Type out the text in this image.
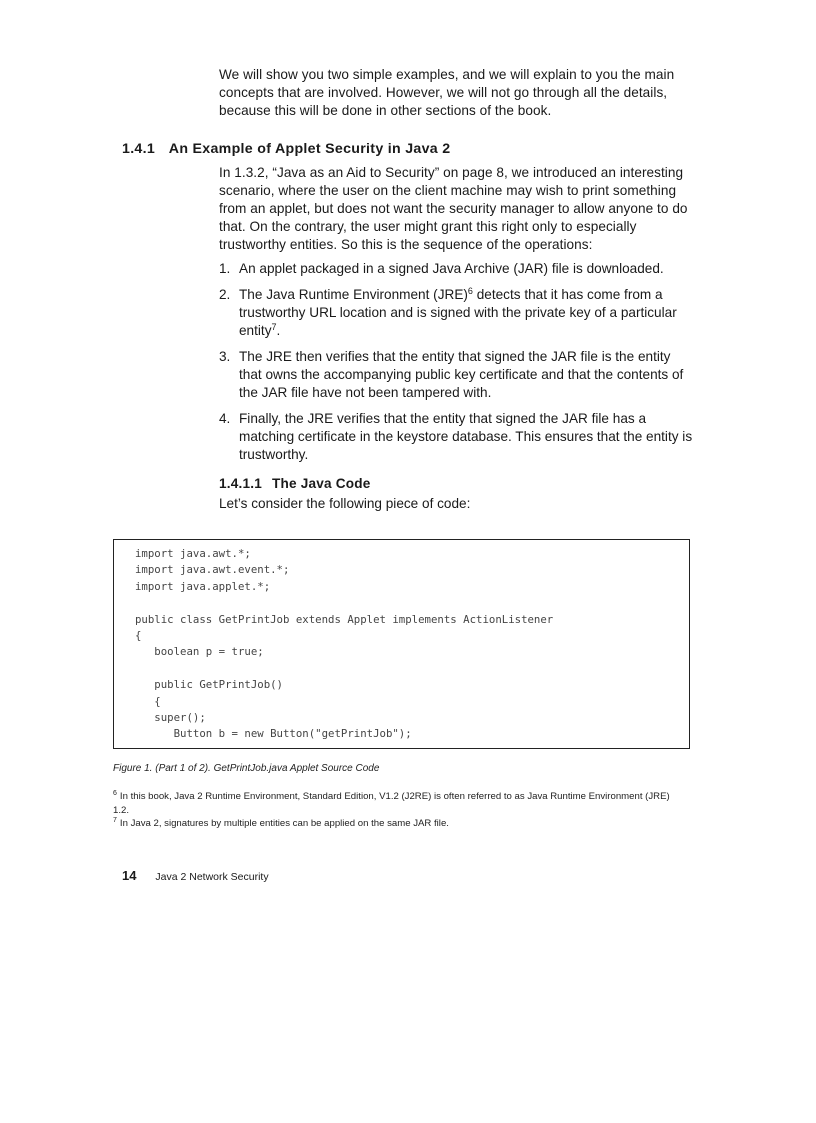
We will show you two simple examples, and we will explain to you the main concepts that are involved. However, we will not go through all the details, because this will be done in other sections of the book.

1.4.1 An Example of Applet Security in Java 2

In 1.3.2, “Java as an Aid to Security” on page 8, we introduced an interesting scenario, where the user on the client machine may wish to print something from an applet, but does not want the security manager to allow anyone to do that. On the contrary, the user might grant this right only to especially trustworthy entities. So this is the sequence of the operations:

1. An applet packaged in a signed Java Archive (JAR) file is downloaded.
2. The Java Runtime Environment (JRE)$^6$ detects that it has come from a trustworthy URL location and is signed with the private key of a particular entity$^7$.
3. The JRE then verifies that the entity that signed the JAR file is the entity that owns the accompanying public key certificate and that the contents of the JAR file have not been tampered with.
4. Finally, the JRE verifies that the entity that signed the JAR file has a matching certificate in the keystore database. This ensures that the entity is trustworthy.
1.4.1.1 The Java Code
Let’s consider the following piece of code:
import java.awt.*;
import java.awt.event.*;
import java.applet.*;

public class GetPrintJob extends Applet implements ActionListener
{
boolean p = true;

public GetPrintJob()
{
super();
Button b = new Button("getPrintJob");
Figure 1. (Part 1 of 2). GetPrintJob.java Applet Source Code

$^6$ In this book, Java 2 Runtime Environment, Standard Edition, V1.2 (J2RE) is often referred to as Java Runtime Environment (JRE) 1.2.

$^7$ In Java 2, signatures by multiple entities can be applied on the same JAR file.

14 Java 2 Network Security
